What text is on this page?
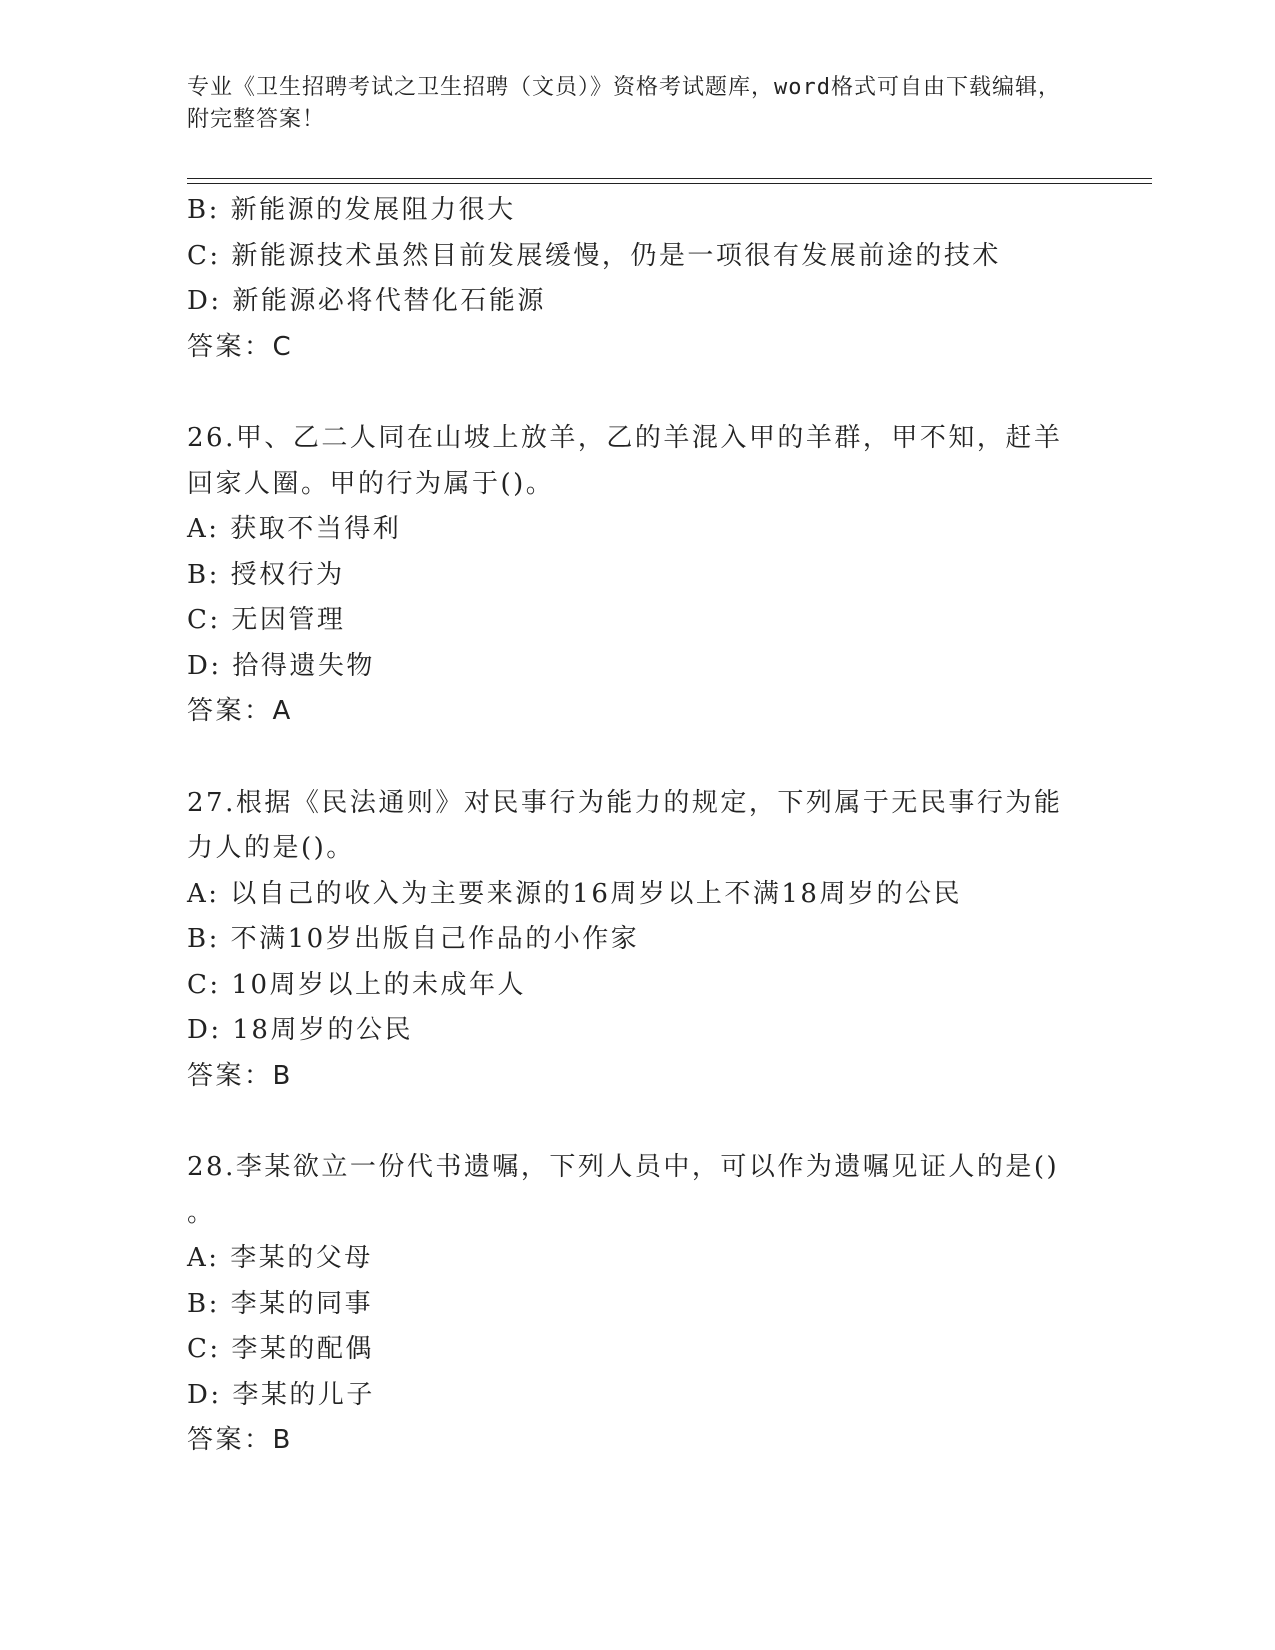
专业《卫生招聘考试之卫生招聘（文员）》资格考试题库，word格式可自由下载编辑，附完整答案！
B: 新能源的发展阻力很大
C: 新能源技术虽然目前发展缓慢，仍是一项很有发展前途的技术
D: 新能源必将代替化石能源
答案：C
26.甲、乙二人同在山坡上放羊，乙的羊混入甲的羊群，甲不知，赶羊
回家人圈。甲的行为属于()。
A: 获取不当得利
B: 授权行为
C: 无因管理
D: 拾得遗失物
答案：A
27.根据《民法通则》对民事行为能力的规定，下列属于无民事行为能
力人的是()。
A: 以自己的收入为主要来源的16周岁以上不满18周岁的公民
B: 不满10岁出版自己作品的小作家
C: 10周岁以上的未成年人
D: 18周岁的公民
答案：B
28.李某欲立一份代书遗嘱，下列人员中，可以作为遗嘱见证人的是()
。
A: 李某的父母
B: 李某的同事
C: 李某的配偶
D: 李某的儿子
答案：B
